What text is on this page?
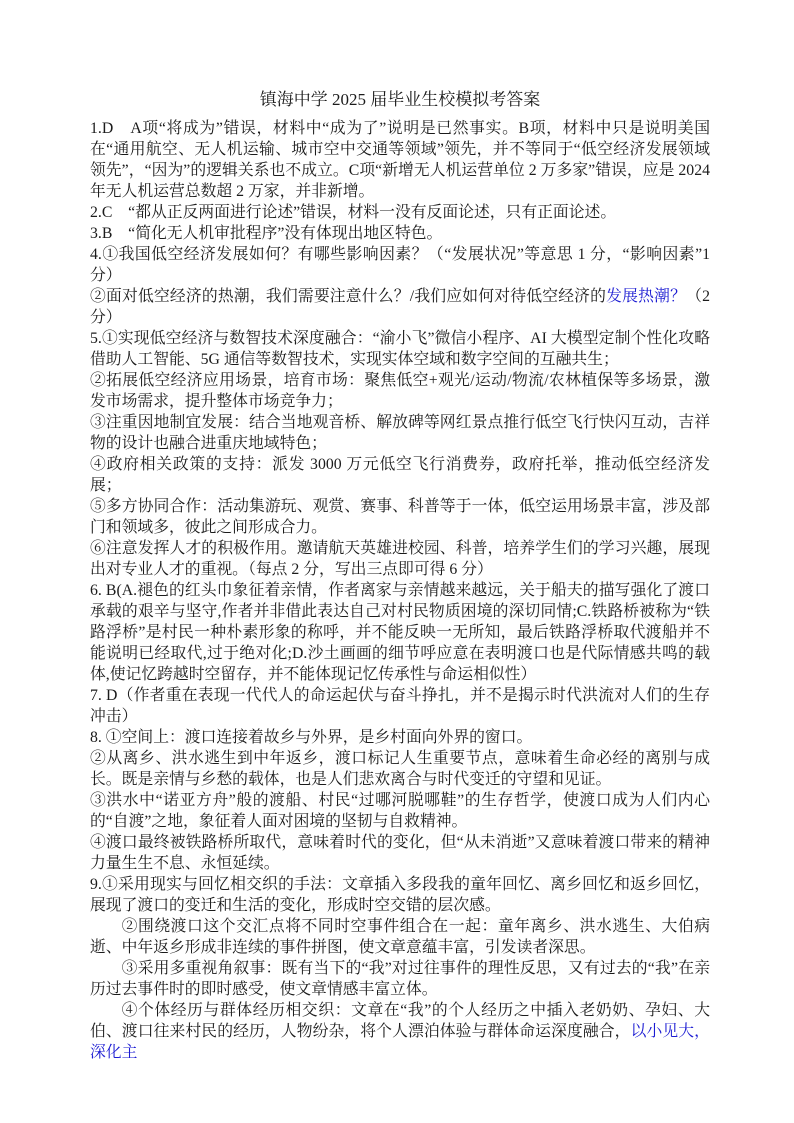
镇海中学 2025 届毕业生校模拟考答案

1.D　A项“将成为”错误，材料中“成为了”说明是已然事实。B项，材料中只是说明美国在“通用航空、无人机运输、城市空中交通等领域”领先，并不等同于“低空经济发展领域领先”，“因为”的逻辑关系也不成立。C项“新增无人机运营单位 2 万多家”错误，应是 2024 年无人机运营总数超 2 万家，并非新增。

2.C　“都从正反两面进行论述”错误，材料一没有反面论述，只有正面论述。

3.B　“简化无人机审批程序”没有体现出地区特色。

4.①我国低空经济发展如何？有哪些影响因素？（“发展状况”等意思 1 分，“影响因素”1 分）

②面对低空经济的热潮，我们需要注意什么？/我们应如何对待低空经济的发展热潮？（2 分）

5.①实现低空经济与数智技术深度融合：“渝小飞”微信小程序、AI 大模型定制个性化攻略借助人工智能、5G 通信等数智技术，实现实体空域和数字空间的互融共生；

②拓展低空经济应用场景，培育市场：聚焦低空+观光/运动/物流/农林植保等多场景，激发市场需求，提升整体市场竞争力；

③注重因地制宜发展：结合当地观音桥、解放碑等网红景点推行低空飞行快闪互动，吉祥物的设计也融合进重庆地域特色；

④政府相关政策的支持：派发 3000 万元低空飞行消费券，政府托举，推动低空经济发展；

⑤多方协同合作：活动集游玩、观赏、赛事、科普等于一体，低空运用场景丰富，涉及部门和领域多，彼此之间形成合力。

⑥注意发挥人才的积极作用。邀请航天英雄进校园、科普，培养学生们的学习兴趣，展现出对专业人才的重视。（每点 2 分，写出三点即可得 6 分）

6. B(A.褪色的红头巾象征着亲情，作者离家与亲情越来越远，关于船夫的描写强化了渡口承载的艰辛与坚守,作者并非借此表达自己对村民物质困境的深切同情;C.铁路桥被称为“铁路浮桥”是村民一种朴素形象的称呼，并不能反映一无所知，最后铁路浮桥取代渡船并不能说明已经取代,过于绝对化;D.沙土画画的细节呼应意在表明渡口也是代际情感共鸣的载体,使记忆跨越时空留存，并不能体现记忆传承性与命运相似性）

7. D（作者重在表现一代代人的命运起伏与奋斗挣扎，并不是揭示时代洪流对人们的生存冲击）

8. ①空间上：渡口连接着故乡与外界，是乡村面向外界的窗口。

②从离乡、洪水逃生到中年返乡，渡口标记人生重要节点，意味着生命必经的离别与成长。既是亲情与乡愁的载体，也是人们悲欢离合与时代变迁的守望和见证。

③洪水中“诺亚方舟”般的渡船、村民“过哪河脱哪鞋”的生存哲学，使渡口成为人们内心的“自渡”之地，象征着人面对困境的坚韧与自救精神。

④渡口最终被铁路桥所取代，意味着时代的变化，但“从未消逝”又意味着渡口带来的精神力量生生不息、永恒延续。

9.①采用现实与回忆相交织的手法：文章插入多段我的童年回忆、离乡回忆和返乡回忆，展现了渡口的变迁和生活的变化，形成时空交错的层次感。

②围绕渡口这个交汇点将不同时空事件组合在一起：童年离乡、洪水逃生、大伯病逝、中年返乡形成非连续的事件拼图，使文章意蕴丰富，引发读者深思。

③采用多重视角叙事：既有当下的“我”对过往事件的理性反思，又有过去的“我”在亲历过去事件时的即时感受，使文章情感丰富立体。

④个体经历与群体经历相交织：文章在“我”的个人经历之中插入老奶奶、孕妇、大伯、渡口往来村民的经历，人物纷杂，将个人漂泊体验与群体命运深度融合，以小见大，深化主
